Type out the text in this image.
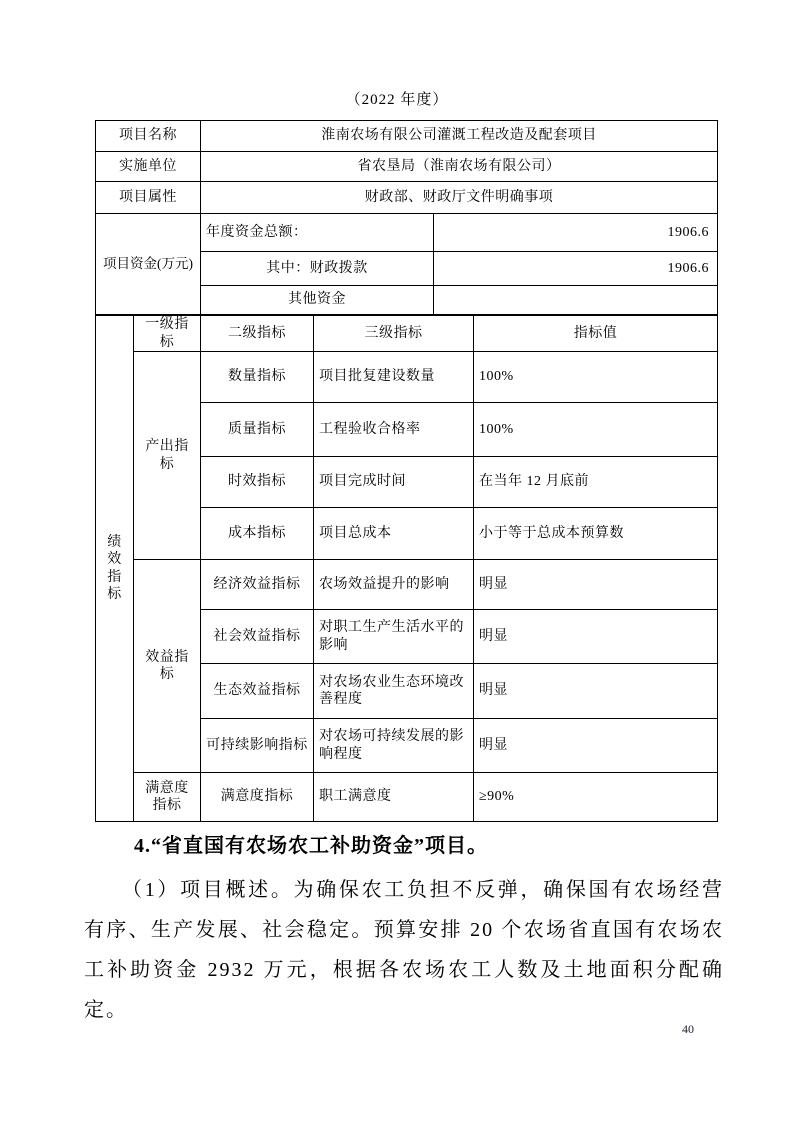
（2022 年度）
项目名称	淮南农场有限公司灌溉工程改造及配套项目	
实施单位	省农垦局（淮南农场有限公司）	
项目属性	财政部、财政厅文件明确事项	
项目资金(万元)	年度资金总额：	1906.6
	其中：财政拨款	1906.6
	其他资金	
绩效指标	一级指标	二级指标	三级指标	指标值
	产出指标	数量指标	项目批复建设数量	100%
		质量指标	工程验收合格率	100%
		时效指标	项目完成时间	在当年 12 月底前
		成本指标	项目总成本	小于等于总成本预算数
	效益指标	经济效益指标	农场效益提升的影响	明显
		社会效益指标	对职工生产生活水平的影响	明显
		生态效益指标	对农场农业生态环境改善程度	明显
		可持续影响指标	对农场可持续发展的影响程度	明显
	满意度指标	满意度指标	职工满意度	≥90%

4.“省直国有农场农工补助资金”项目。

（1）项目概述。为确保农工负担不反弹，确保国有农场经营有序、生产发展、社会稳定。预算安排 20 个农场省直国有农场农工补助资金 2932 万元，根据各农场农工人数及土地面积分配确定。

40
